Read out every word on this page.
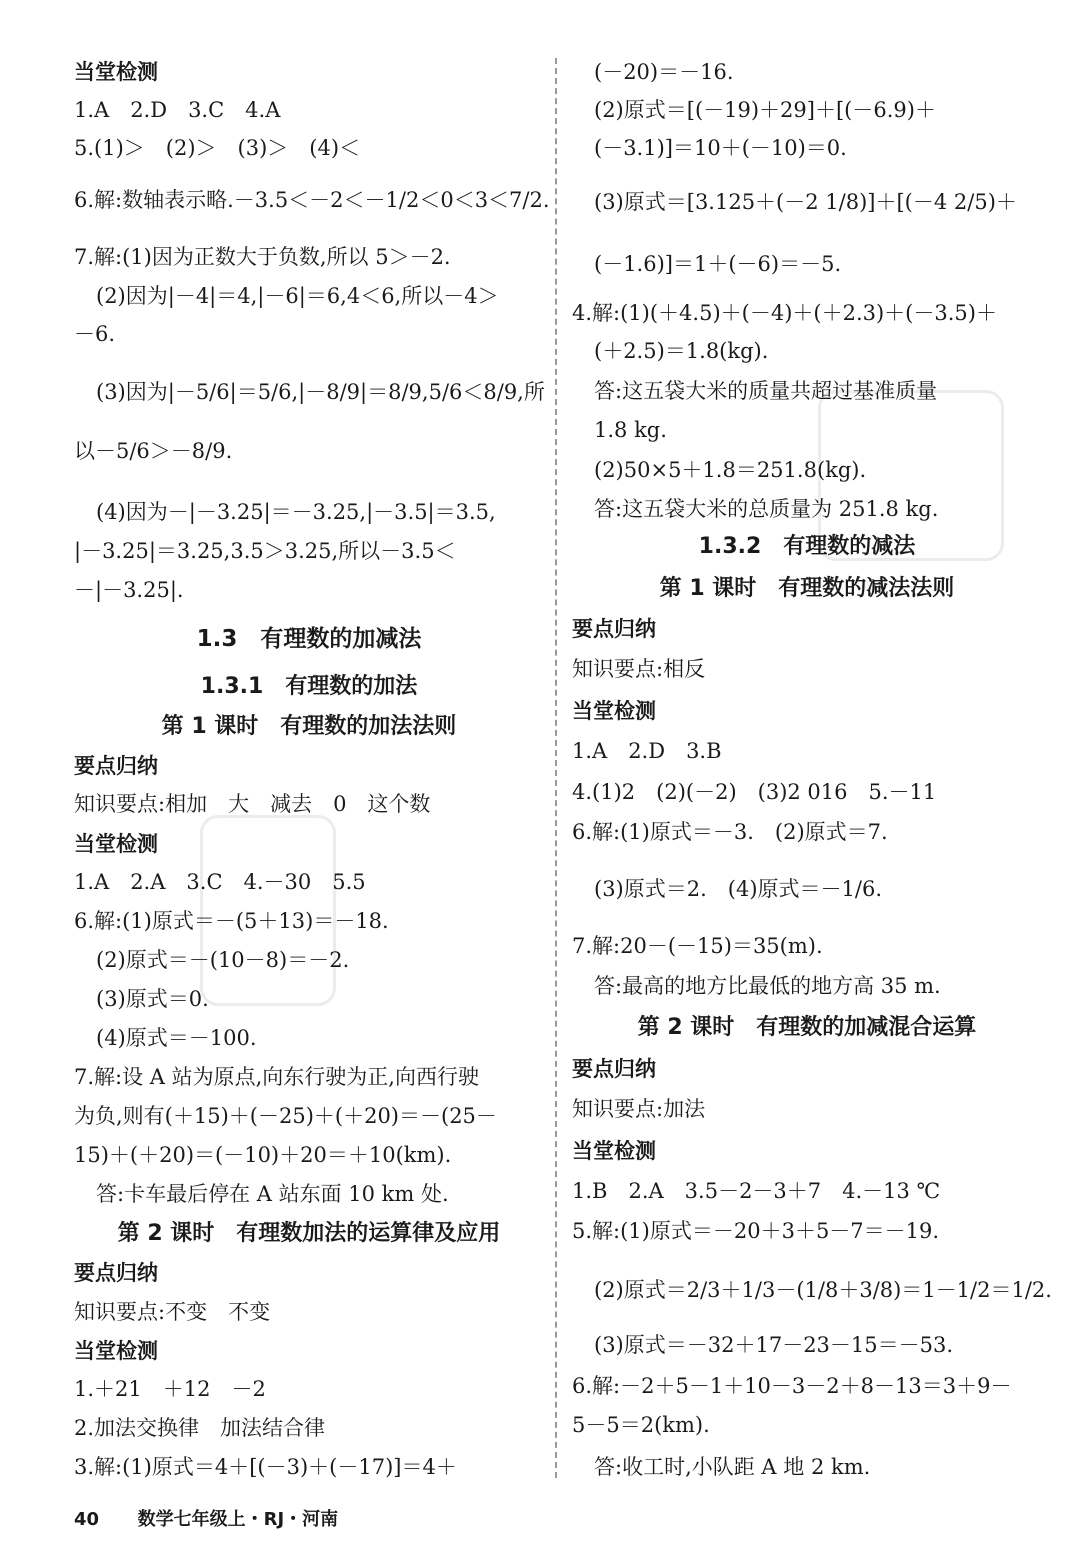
当堂检测
1.A　2.D　3.C　4.A
5.(1)＞　(2)＞　(3)＞　(4)＜
6.解:数轴表示略.－3.5＜－2＜－1/2＜0＜3＜7/2.
7.解:(1)因为正数大于负数,所以 5＞－2.
(2)因为|－4|＝4,|－6|＝6,4＜6,所以－4＞
－6.
(3)因为|－5/6|＝5/6,|－8/9|＝8/9,5/6＜8/9,所
以－5/6＞－8/9.
(4)因为－|－3.25|＝－3.25,|－3.5|＝3.5,
|－3.25|＝3.25,3.5＞3.25,所以－3.5＜
－|－3.25|.
1.3　有理数的加减法
1.3.1　有理数的加法
第 1 课时　有理数的加法法则
要点归纳
知识要点:相加　大　减去　0　这个数
当堂检测
1.A　2.A　3.C　4.－30　5.5
6.解:(1)原式＝－(5＋13)＝－18.
(2)原式＝－(10－8)＝－2.
(3)原式＝0.
(4)原式＝－100.
7.解:设 A 站为原点,向东行驶为正,向西行驶
为负,则有(＋15)＋(－25)＋(＋20)＝－(25－
15)＋(＋20)＝(－10)＋20＝＋10(km).
答:卡车最后停在 A 站东面 10 km 处.
第 2 课时　有理数加法的运算律及应用
要点归纳
知识要点:不变　不变
当堂检测
1.＋21　＋12　－2
2.加法交换律　加法结合律
3.解:(1)原式＝4＋[(－3)＋(－17)]＝4＋
(－20)＝－16.
(2)原式＝[(－19)＋29]＋[(－6.9)＋
(－3.1)]＝10＋(－10)＝0.
(3)原式＝[3.125＋(－2 1/8)]＋[(－4 2/5)＋
(－1.6)]＝1＋(－6)＝－5.
4.解:(1)(＋4.5)＋(－4)＋(＋2.3)＋(－3.5)＋
(＋2.5)＝1.8(kg).
答:这五袋大米的质量共超过基准质量
1.8 kg.
(2)50×5＋1.8＝251.8(kg).
答:这五袋大米的总质量为 251.8 kg.
1.3.2　有理数的减法
第 1 课时　有理数的减法法则
要点归纳
知识要点:相反
当堂检测
1.A　2.D　3.B
4.(1)2　(2)(－2)　(3)2 016　5.－11
6.解:(1)原式＝－3.　(2)原式＝7.
(3)原式＝2.　(4)原式＝－1/6.
7.解:20－(－15)＝35(m).
答:最高的地方比最低的地方高 35 m.
第 2 课时　有理数的加减混合运算
要点归纳
知识要点:加法
当堂检测
1.B　2.A　3.5－2－3＋7　4.－13 ℃
5.解:(1)原式＝－20＋3＋5－7＝－19.
(2)原式＝2/3＋1/3－(1/8＋3/8)＝1－1/2＝1/2.
(3)原式＝－32＋17－23－15＝－53.
6.解:－2＋5－1＋10－3－2＋8－13＝3＋9－
5－5＝2(km).
答:收工时,小队距 A 地 2 km.
40 数学七年级上・RJ・河南
